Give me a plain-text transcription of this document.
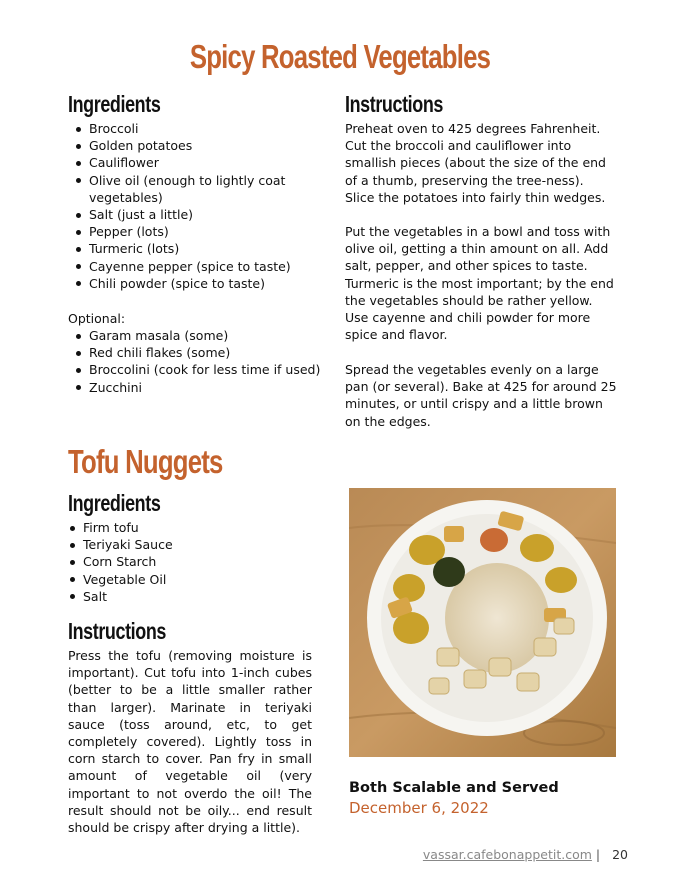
Spicy Roasted Vegetables
Ingredients
Broccoli
Golden potatoes
Cauliflower
Olive oil (enough to lightly coat
vegetables)
Salt (just a little)
Pepper (lots)
Turmeric (lots)
Cayenne pepper (spice to taste)
Chili powder (spice to taste)
Optional:
Garam masala (some)
Red chili flakes (some)
Broccolini (cook for less time if used)
Zucchini
Instructions

Preheat oven to 425 degrees Fahrenheit. Cut the broccoli and cauliflower into smallish pieces (about the size of the end of a thumb, preserving the tree-ness). Slice the potatoes into fairly thin wedges.

Put the vegetables in a bowl and toss with olive oil, getting a thin amount on all. Add salt, pepper, and other spices to taste. Turmeric is the most important; by the end the vegetables should be rather yellow. Use cayenne and chili powder for more spice and flavor.

Spread the vegetables evenly on a large pan (or several). Bake at 425 for around 25 minutes, or until crispy and a little brown on the edges.

Tofu Nuggets
Ingredients
Firm tofu
Teriyaki Sauce
Corn Starch
Vegetable Oil
Salt
Instructions

Press the tofu (removing moisture is important). Cut tofu into 1-inch cubes (better to be a little smaller rather than larger). Marinate in teriyaki sauce (toss around, etc, to get completely covered). Lightly toss in corn starch to cover. Pan fry in small amount of vegetable oil (very important to not overdo the oil! The result should not be oily... end result should be crispy after drying a little).

Both Scalable and Served
December 6, 2022
vassar.cafebonappetit.com | 20
